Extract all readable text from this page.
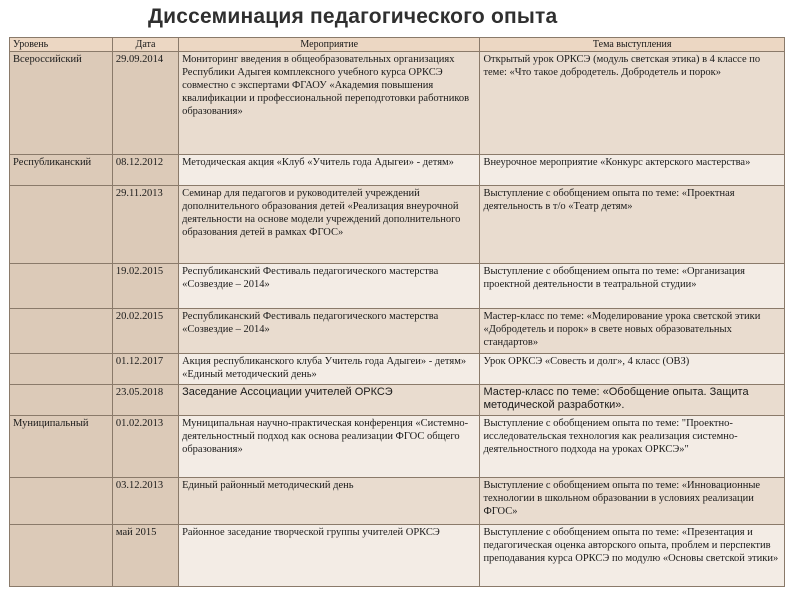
Диссеминация педагогического опыта
Уровень	Дата	Мероприятие	Тема выступления
Всероссийский	29.09.2014	Мониторинг введения в общеобразовательных организациях Республики Адыгея комплексного учебного курса ОРКСЭ совместно с экспертами ФГАОУ «Академия повышения квалификации и профессиональной переподготовки работников образования»	Открытый урок ОРКСЭ (модуль светская этика) в 4 классе по теме: «Что такое добродетель. Добродетель и порок»
Республиканский	08.12.2012	Методическая акция «Клуб «Учитель года Адыгеи» - детям»	Внеурочное мероприятие «Конкурс актерского мастерства»
	29.11.2013	Семинар для педагогов и руководителей учреждений дополнительного образования детей «Реализация внеурочной деятельности на основе модели учреждений дополнительного образования детей в рамках ФГОС»	Выступление с обобщением опыта по теме: «Проектная деятельность в т/о «Театр детям»
	19.02.2015	Республиканский Фестиваль педагогического мастерства «Созвездие – 2014»	Выступление с обобщением опыта по теме: «Организация проектной деятельности в театральной студии»
	20.02.2015	Республиканский Фестиваль педагогического мастерства «Созвездие – 2014»	Мастер-класс по теме: «Моделирование урока светской этики «Добродетель и порок» в свете новых образовательных стандартов»
	01.12.2017	Акция республиканского клуба Учитель года Адыгеи» - детям» «Единый методический день»	Урок ОРКСЭ «Совесть и долг», 4 класс (ОВЗ)
	23.05.2018	Заседание Ассоциации учителей ОРКСЭ	Мастер-класс по теме: «Обобщение опыта. Защита методической разработки».
Муниципальный	01.02.2013	Муниципальная научно-практическая конференция «Системно-деятельностный подход как основа реализации ФГОС общего образования»	Выступление с обобщением опыта по теме: "Проектно-исследовательская технология как реализация системно-деятельностного подхода на уроках ОРКСЭ»"
	03.12.2013	Единый районный методический день	Выступление с обобщением опыта по теме: «Инновационные технологии в школьном образовании в условиях реализации ФГОС»
	май 2015	Районное заседание творческой группы учителей ОРКСЭ	Выступление с обобщением опыта по теме: «Презентация и педагогическая оценка авторского опыта, проблем и перспектив преподавания курса ОРКСЭ по модулю «Основы светской этики»
